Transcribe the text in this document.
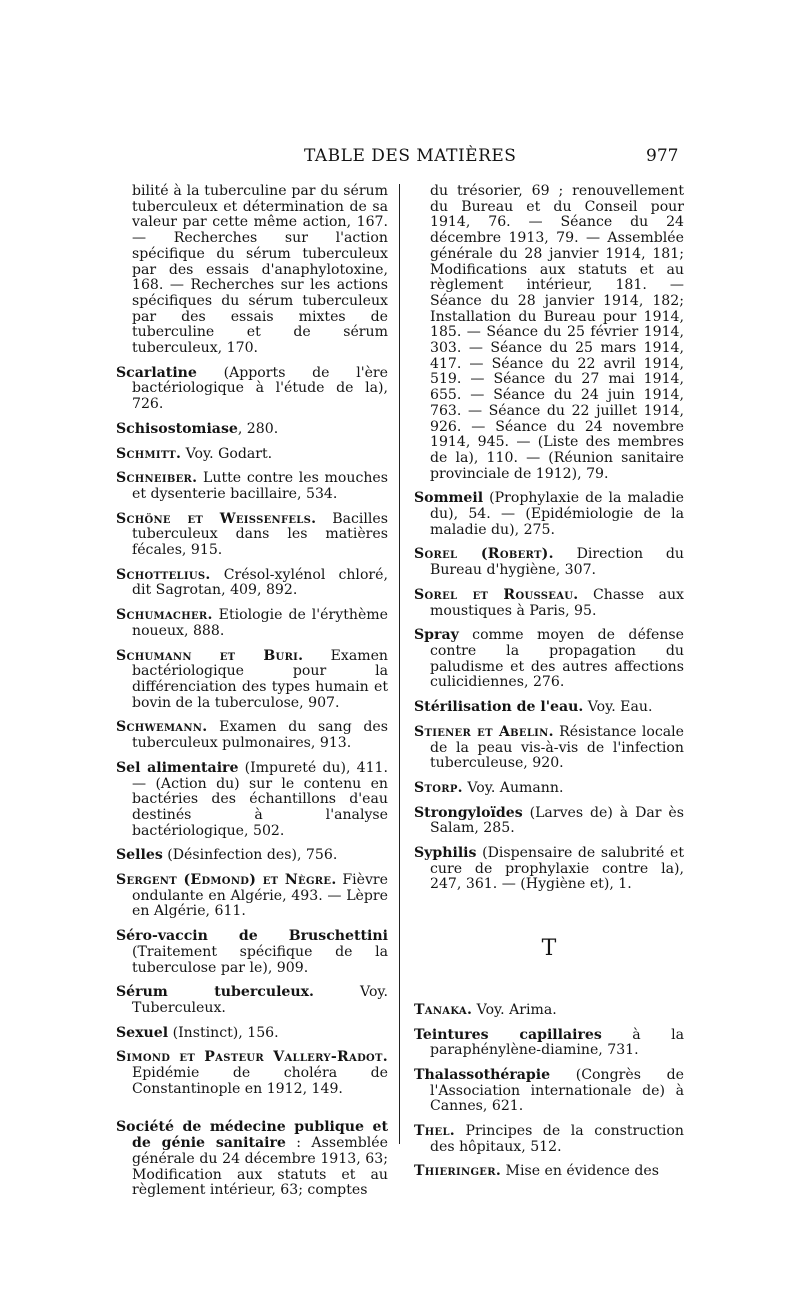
TABLE DES MATIÈRES	977
bilité à la tuberculine par du sérum tuberculeux et détermination de sa valeur par cette même action, 167. — Recherches sur l'action spécifique du sérum tuberculeux par des essais d'anaphylotoxine, 168. — Recherches sur les actions spécifiques du sérum tuberculeux par des essais mixtes de tuberculine et de sérum tuberculeux, 170.
Scarlatine (Apports de l'ère bactériologique à l'étude de la), 726.
Schisostomiase, 280.
Schmitt. Voy. Godart.
Schneiber. Lutte contre les mouches et dysenterie bacillaire, 534.
Schöne et Weissenfels. Bacilles tuberculeux dans les matières fécales, 915.
Schottelius. Crésol-xylénol chloré, dit Sagrotan, 409, 892.
Schumacher. Etiologie de l'érythème noueux, 888.
Schumann et Buri. Examen bactériologique pour la différenciation des types humain et bovin de la tuberculose, 907.
Schwemann. Examen du sang des tuberculeux pulmonaires, 913.
Sel alimentaire (Impureté du), 411. — (Action du) sur le contenu en bactéries des échantillons d'eau destinés à l'analyse bactériologique, 502.
Selles (Désinfection des), 756.
Sergent (Edmond) et Nègre. Fièvre ondulante en Algérie, 493. — Lèpre en Algérie, 611.
Séro-vaccin de Bruschettini (Traitement spécifique de la tuberculose par le), 909.
Sérum tuberculeux. Voy. Tuberculeux.
Sexuel (Instinct), 156.
Simond et Pasteur Vallery-Radot. Epidémie de choléra de Constantinople en 1912, 149.
Société de médecine publique et de génie sanitaire : Assemblée générale du 24 décembre 1913, 63; Modification aux statuts et au règlement intérieur, 63; comptes
du trésorier, 69 ; renouvellement du Bureau et du Conseil pour 1914, 76. — Séance du 24 décembre 1913, 79. — Assemblée générale du 28 janvier 1914, 181; Modifications aux statuts et au règlement intérieur, 181. — Séance du 28 janvier 1914, 182; Installation du Bureau pour 1914, 185. — Séance du 25 février 1914, 303. — Séance du 25 mars 1914, 417. — Séance du 22 avril 1914, 519. — Séance du 27 mai 1914, 655. — Séance du 24 juin 1914, 763. — Séance du 22 juillet 1914, 926. — Séance du 24 novembre 1914, 945. — (Liste des membres de la), 110. — (Réunion sanitaire provinciale de 1912), 79.
Sommeil (Prophylaxie de la maladie du), 54. — (Epidémiologie de la maladie du), 275.
Sorel (Robert). Direction du Bureau d'hygiène, 307.
Sorel et Rousseau. Chasse aux moustiques à Paris, 95.
Spray comme moyen de défense contre la propagation du paludisme et des autres affections culicidiennes, 276.
Stérilisation de l'eau. Voy. Eau.
Stiener et Abelin. Résistance locale de la peau vis-à-vis de l'infection tuberculeuse, 920.
Storp. Voy. Aumann.
Strongyloïdes (Larves de) à Dar ès Salam, 285.
Syphilis (Dispensaire de salubrité et cure de prophylaxie contre la), 247, 361. — (Hygiène et), 1.
T
Tanaka. Voy. Arima.
Teintures capillaires à la paraphénylène-diamine, 731.
Thalassothérapie (Congrès de l'Association internationale de) à Cannes, 621.
Thel. Principes de la construction des hôpitaux, 512.
Thieringer. Mise en évidence des
